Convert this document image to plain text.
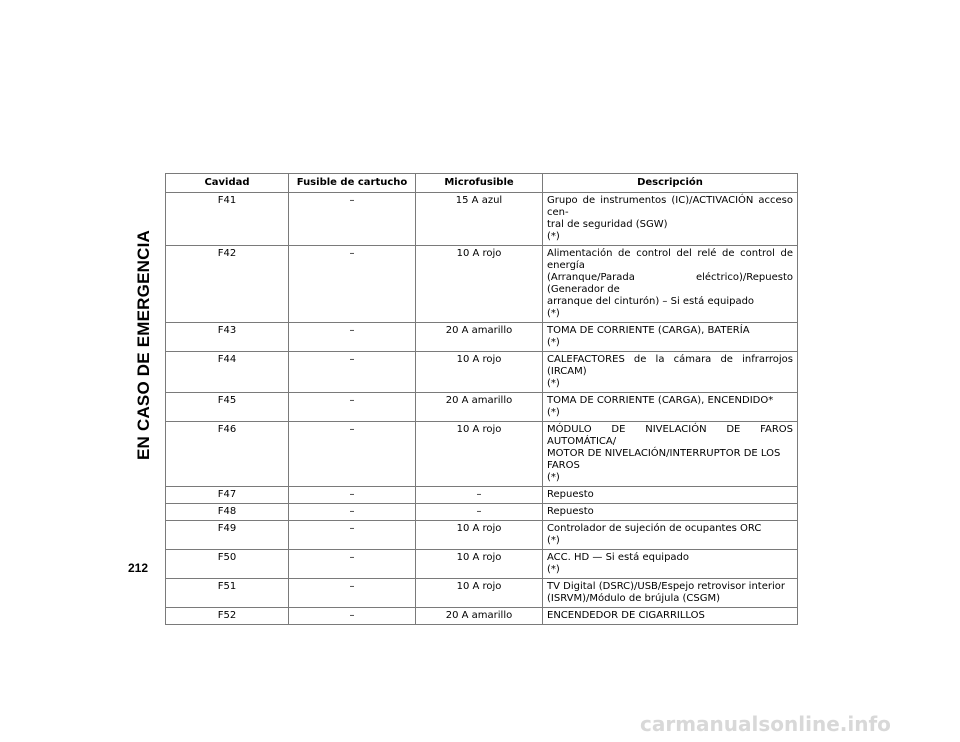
EN CASO DE EMERGENCIA
212
Cavidad	Fusible de cartucho	Microfusible	Descripción
F41	–	15 A azul	Grupo de instrumentos (IC)/ACTIVACIÓN acceso cen-
tral de seguridad (SGW)
(*)

F42	–	10 A rojo	Alimentación de control del relé de control de energía
(Arranque/Parada eléctrico)/Repuesto (Generador de
arranque del cinturón) – Si está equipado
(*)

F43	–	20 A amarillo	TOMA DE CORRIENTE (CARGA), BATERÍA
(*)

F44	–	10 A rojo	CALEFACTORES de la cámara de infrarrojos (IRCAM)
(*)

F45	–	20 A amarillo	TOMA DE CORRIENTE (CARGA), ENCENDIDO*
(*)

F46	–	10 A rojo	MÓDULO DE NIVELACIÓN DE FAROS AUTOMÁTICA/
MOTOR DE NIVELACIÓN/INTERRUPTOR DE LOS
FAROS
(*)

F47	–	–	Repuesto

F48	–	–	Repuesto

F49	–	10 A rojo	Controlador de sujeción de ocupantes ORC
(*)

F50	–	10 A rojo	ACC. HD — Si está equipado
(*)

F51	–	10 A rojo	TV Digital (DSRC)/USB/Espejo retrovisor interior
(ISRVM)/Módulo de brújula (CSGM)

F52	–	20 A amarillo	ENCENDEDOR DE CIGARRILLOS
carmanualsonline.info
